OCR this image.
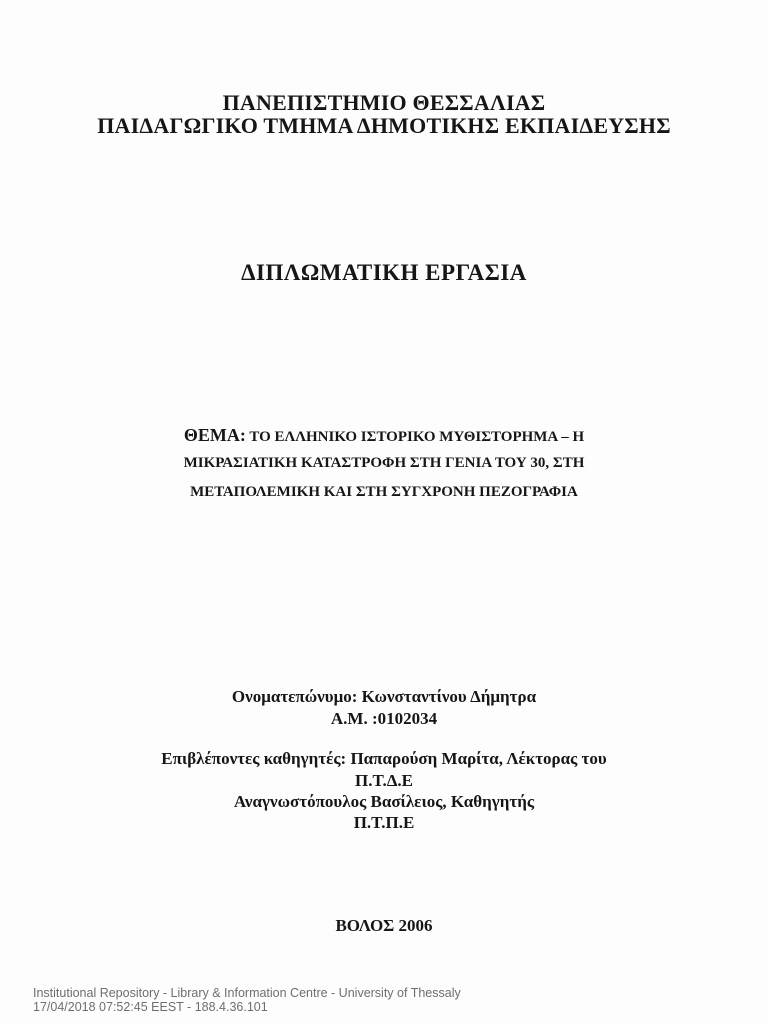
ΠΑΝΕΠΙΣΤΗΜΙΟ ΘΕΣΣΑΛΙΑΣ
ΠΑΙΔΑΓΩΓΙΚΟ ΤΜΗΜΑ ΔΗΜΟΤΙΚΗΣ ΕΚΠΑΙΔΕΥΣΗΣ
ΔΙΠΛΩΜΑΤΙΚΗ ΕΡΓΑΣΙΑ
ΘΕΜΑ: ΤΟ ΕΛΛΗΝΙΚΟ ΙΣΤΟΡΙΚΟ ΜΥΘΙΣΤΟΡΗΜΑ – Η
ΜΙΚΡΑΣΙΑΤΙΚΗ ΚΑΤΑΣΤΡΟΦΗ ΣΤΗ ΓΕΝΙΑ ΤΟΥ 30, ΣΤΗ
ΜΕΤΑΠΟΛΕΜΙΚΗ ΚΑΙ ΣΤΗ ΣΥΓΧΡΟΝΗ ΠΕΖΟΓΡΑΦΙΑ
Ονοματεπώνυμο: Κωνσταντίνου Δήμητρα
Α.Μ. :0102034
Επιβλέποντες καθηγητές: Παπαρούση Μαρίτα, Λέκτορας του
Π.Τ.Δ.Ε
Αναγνωστόπουλος Βασίλειος, Καθηγητής
Π.Τ.Π.Ε
ΒΟΛΟΣ 2006
Institutional Repository - Library & Information Centre - University of Thessaly
17/04/2018 07:52:45 EEST - 188.4.36.101
